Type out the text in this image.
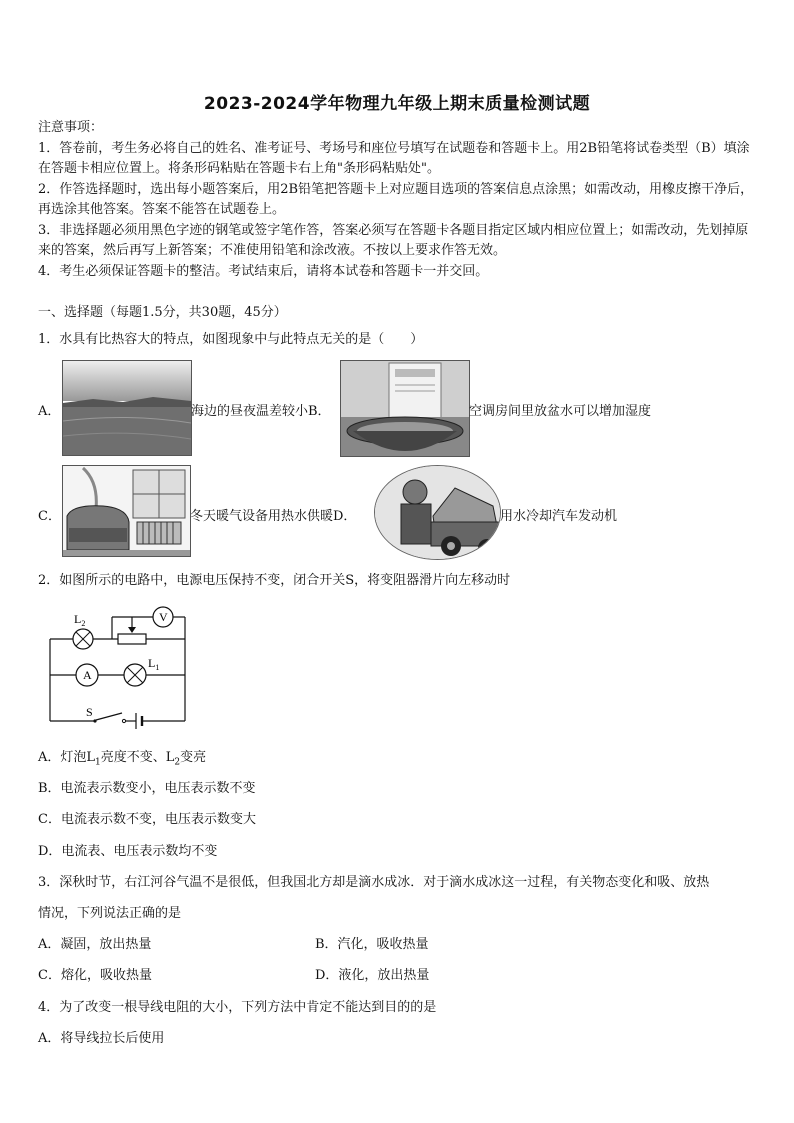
2023-2024学年物理九年级上期末质量检测试题

注意事项：

1．答卷前，考生务必将自己的姓名、准考证号、考场号和座位号填写在试题卷和答题卡上。用2B铅笔将试卷类型（B）填涂在答题卡相应位置上。将条形码粘贴在答题卡右上角"条形码粘贴处"。

2．作答选择题时，选出每小题答案后，用2B铅笔把答题卡上对应题目选项的答案信息点涂黑；如需改动，用橡皮擦干净后，再选涂其他答案。答案不能答在试题卷上。

3．非选择题必须用黑色字迹的钢笔或签字笔作答，答案必须写在答题卡各题目指定区域内相应位置上；如需改动，先划掉原来的答案，然后再写上新答案；不准使用铅笔和涂改液。不按以上要求作答无效。

4．考生必须保证答题卡的整洁。考试结束后，请将本试卷和答题卡一并交回。

一、选择题（每题1.5分，共30题，45分）
1．水具有比热容大的特点，如图现象中与此特点无关的是（　　）
A．	海边的昼夜温差较小B．	空调房间里放盆水可以增加湿度
C．	冬天暖气设备用热水供暖D．	用水冷却汽车发动机
2．如图所示的电路中，电源电压保持不变，闭合开关S，将变阻器滑片向左移动时
$L_2$	V
A
$L_1$
S
A．灯泡$L_1$亮度不变、$L_2$变亮
B．电流表示数变小，电压表示数不变
C．电流表示数不变，电压表示数变大
D．电流表、电压表示数均不变
3．深秋时节，右江河谷气温不是很低，但我国北方却是滴水成冰．对于滴水成冰这一过程，有关物态变化和吸、放热
情况，下列说法正确的是
A．凝固，放出热量	B．汽化，吸收热量
C．熔化，吸收热量	D．液化，放出热量
4．为了改变一根导线电阻的大小，下列方法中肯定不能达到目的的是
A．将导线拉长后使用
